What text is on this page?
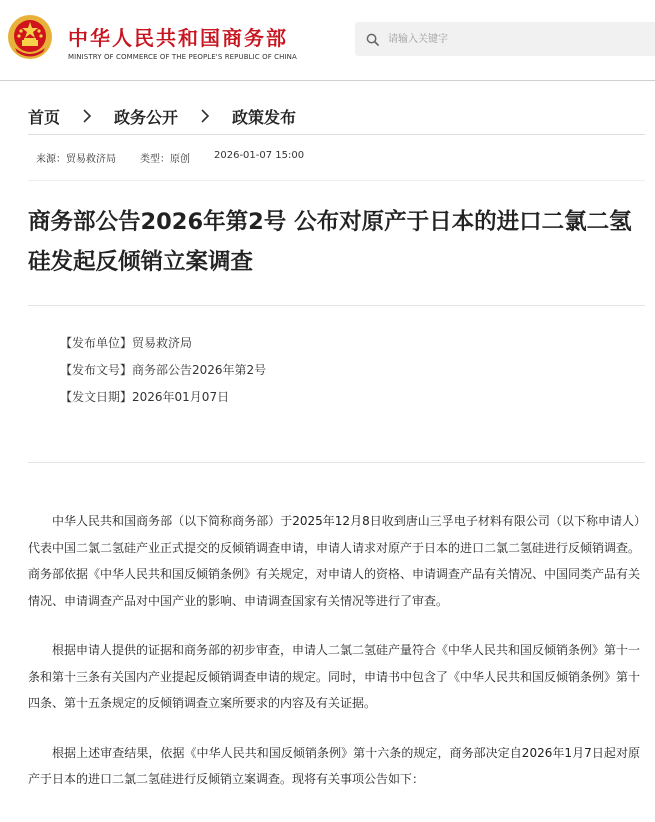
中华人民共和国商务部
MINISTRY OF COMMERCE OF THE PEOPLE'S REPUBLIC OF CHINA
请输入关键字
首页	政务公开	政策发布
来源：贸易救济局 类型：原创 2026-01-07 15:00
商务部公告2026年第2号 公布对原产于日本的进口二氯二氢硅发起反倾销立案调查
【发布单位】贸易救济局
【发布文号】商务部公告2026年第2号
【发文日期】2026年01月07日

中华人民共和国商务部（以下简称商务部）于2025年12月8日收到唐山三孚电子材料有限公司（以下称申请人）代表中国二氯二氢硅产业正式提交的反倾销调查申请，申请人请求对原产于日本的进口二氯二氢硅进行反倾销调查。商务部依据《中华人民共和国反倾销条例》有关规定，对申请人的资格、申请调查产品有关情况、中国同类产品有关情况、申请调查产品对中国产业的影响、申请调查国家有关情况等进行了审查。

根据申请人提供的证据和商务部的初步审查，申请人二氯二氢硅产量符合《中华人民共和国反倾销条例》第十一条和第十三条有关国内产业提起反倾销调查申请的规定。同时，申请书中包含了《中华人民共和国反倾销条例》第十四条、第十五条规定的反倾销调查立案所要求的内容及有关证据。

根据上述审查结果，依据《中华人民共和国反倾销条例》第十六条的规定，商务部决定自2026年1月7日起对原产于日本的进口二氯二氢硅进行反倾销立案调查。现将有关事项公告如下：
